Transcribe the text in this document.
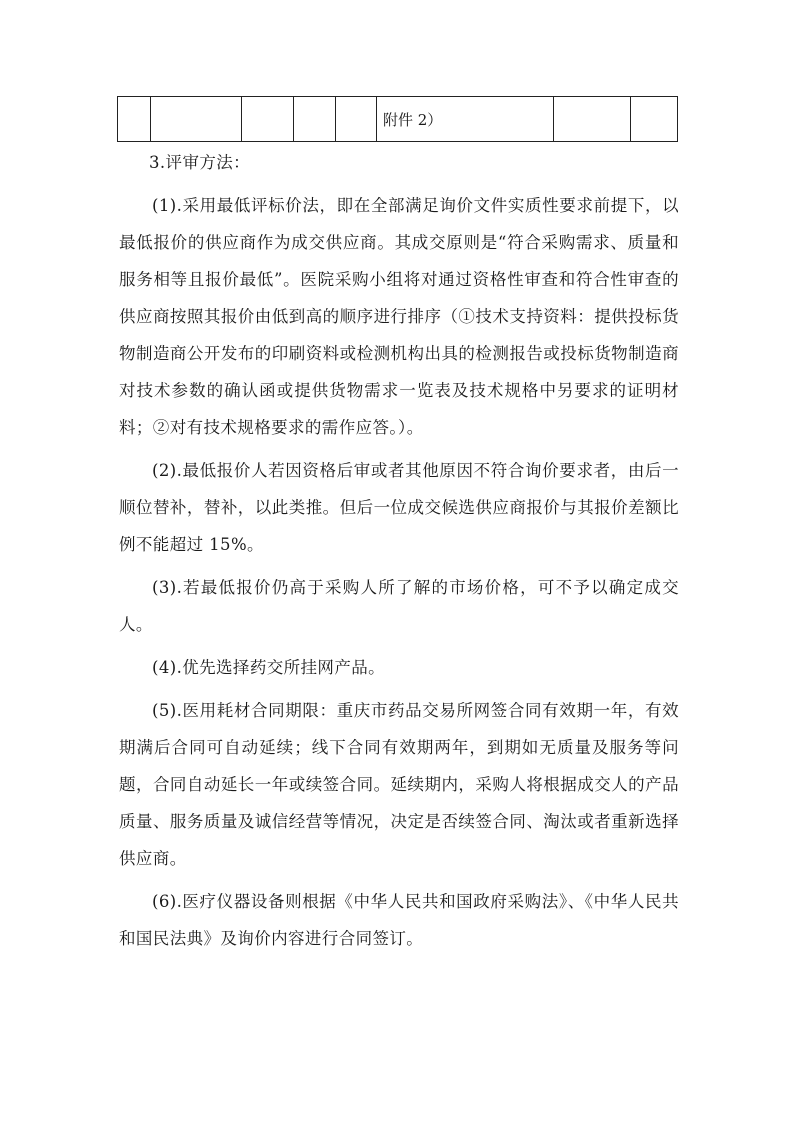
					附件 2）		

3.评审方法：

(1).采用最低评标价法，即在全部满足询价文件实质性要求前提下，以最低报价的供应商作为成交供应商。其成交原则是“符合采购需求、质量和服务相等且报价最低”。医院采购小组将对通过资格性审查和符合性审查的供应商按照其报价由低到高的顺序进行排序（①技术支持资料：提供投标货物制造商公开发布的印刷资料或检测机构出具的检测报告或投标货物制造商对技术参数的确认函或提供货物需求一览表及技术规格中另要求的证明材料；②对有技术规格要求的需作应答。）。

(2).最低报价人若因资格后审或者其他原因不符合询价要求者，由后一顺位替补，替补，以此类推。但后一位成交候选供应商报价与其报价差额比例不能超过 15%。

(3).若最低报价仍高于采购人所了解的市场价格，可不予以确定成交人。

(4).优先选择药交所挂网产品。

(5).医用耗材合同期限：重庆市药品交易所网签合同有效期一年，有效期满后合同可自动延续；线下合同有效期两年，到期如无质量及服务等问题，合同自动延长一年或续签合同。延续期内，采购人将根据成交人的产品质量、服务质量及诚信经营等情况，决定是否续签合同、淘汰或者重新选择供应商。

(6).医疗仪器设备则根据《中华人民共和国政府采购法》、《中华人民共和国民法典》及询价内容进行合同签订。
